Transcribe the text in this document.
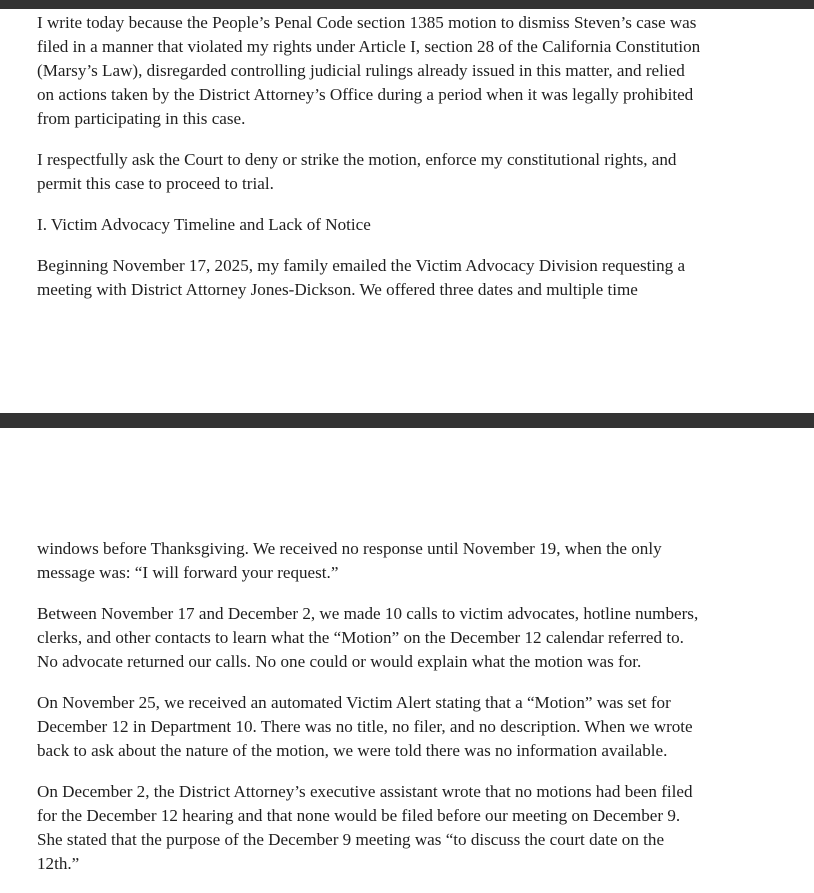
I write today because the People’s Penal Code section 1385 motion to dismiss Steven’s case was
filed in a manner that violated my rights under Article I, section 28 of the California Constitution
(Marsy’s Law), disregarded controlling judicial rulings already issued in this matter, and relied
on actions taken by the District Attorney’s Office during a period when it was legally prohibited
from participating in this case.

I respectfully ask the Court to deny or strike the motion, enforce my constitutional rights, and
permit this case to proceed to trial.

I. Victim Advocacy Timeline and Lack of Notice

Beginning November 17, 2025, my family emailed the Victim Advocacy Division requesting a
meeting with District Attorney Jones-Dickson. We offered three dates and multiple time

windows before Thanksgiving. We received no response until November 19, when the only
message was: “I will forward your request.”

Between November 17 and December 2, we made 10 calls to victim advocates, hotline numbers,
clerks, and other contacts to learn what the “Motion” on the December 12 calendar referred to.
No advocate returned our calls. No one could or would explain what the motion was for.

On November 25, we received an automated Victim Alert stating that a “Motion” was set for
December 12 in Department 10. There was no title, no filer, and no description. When we wrote
back to ask about the nature of the motion, we were told there was no information available.

On December 2, the District Attorney’s executive assistant wrote that no motions had been filed
for the December 12 hearing and that none would be filed before our meeting on December 9.
She stated that the purpose of the December 9 meeting was “to discuss the court date on the
12th.”
